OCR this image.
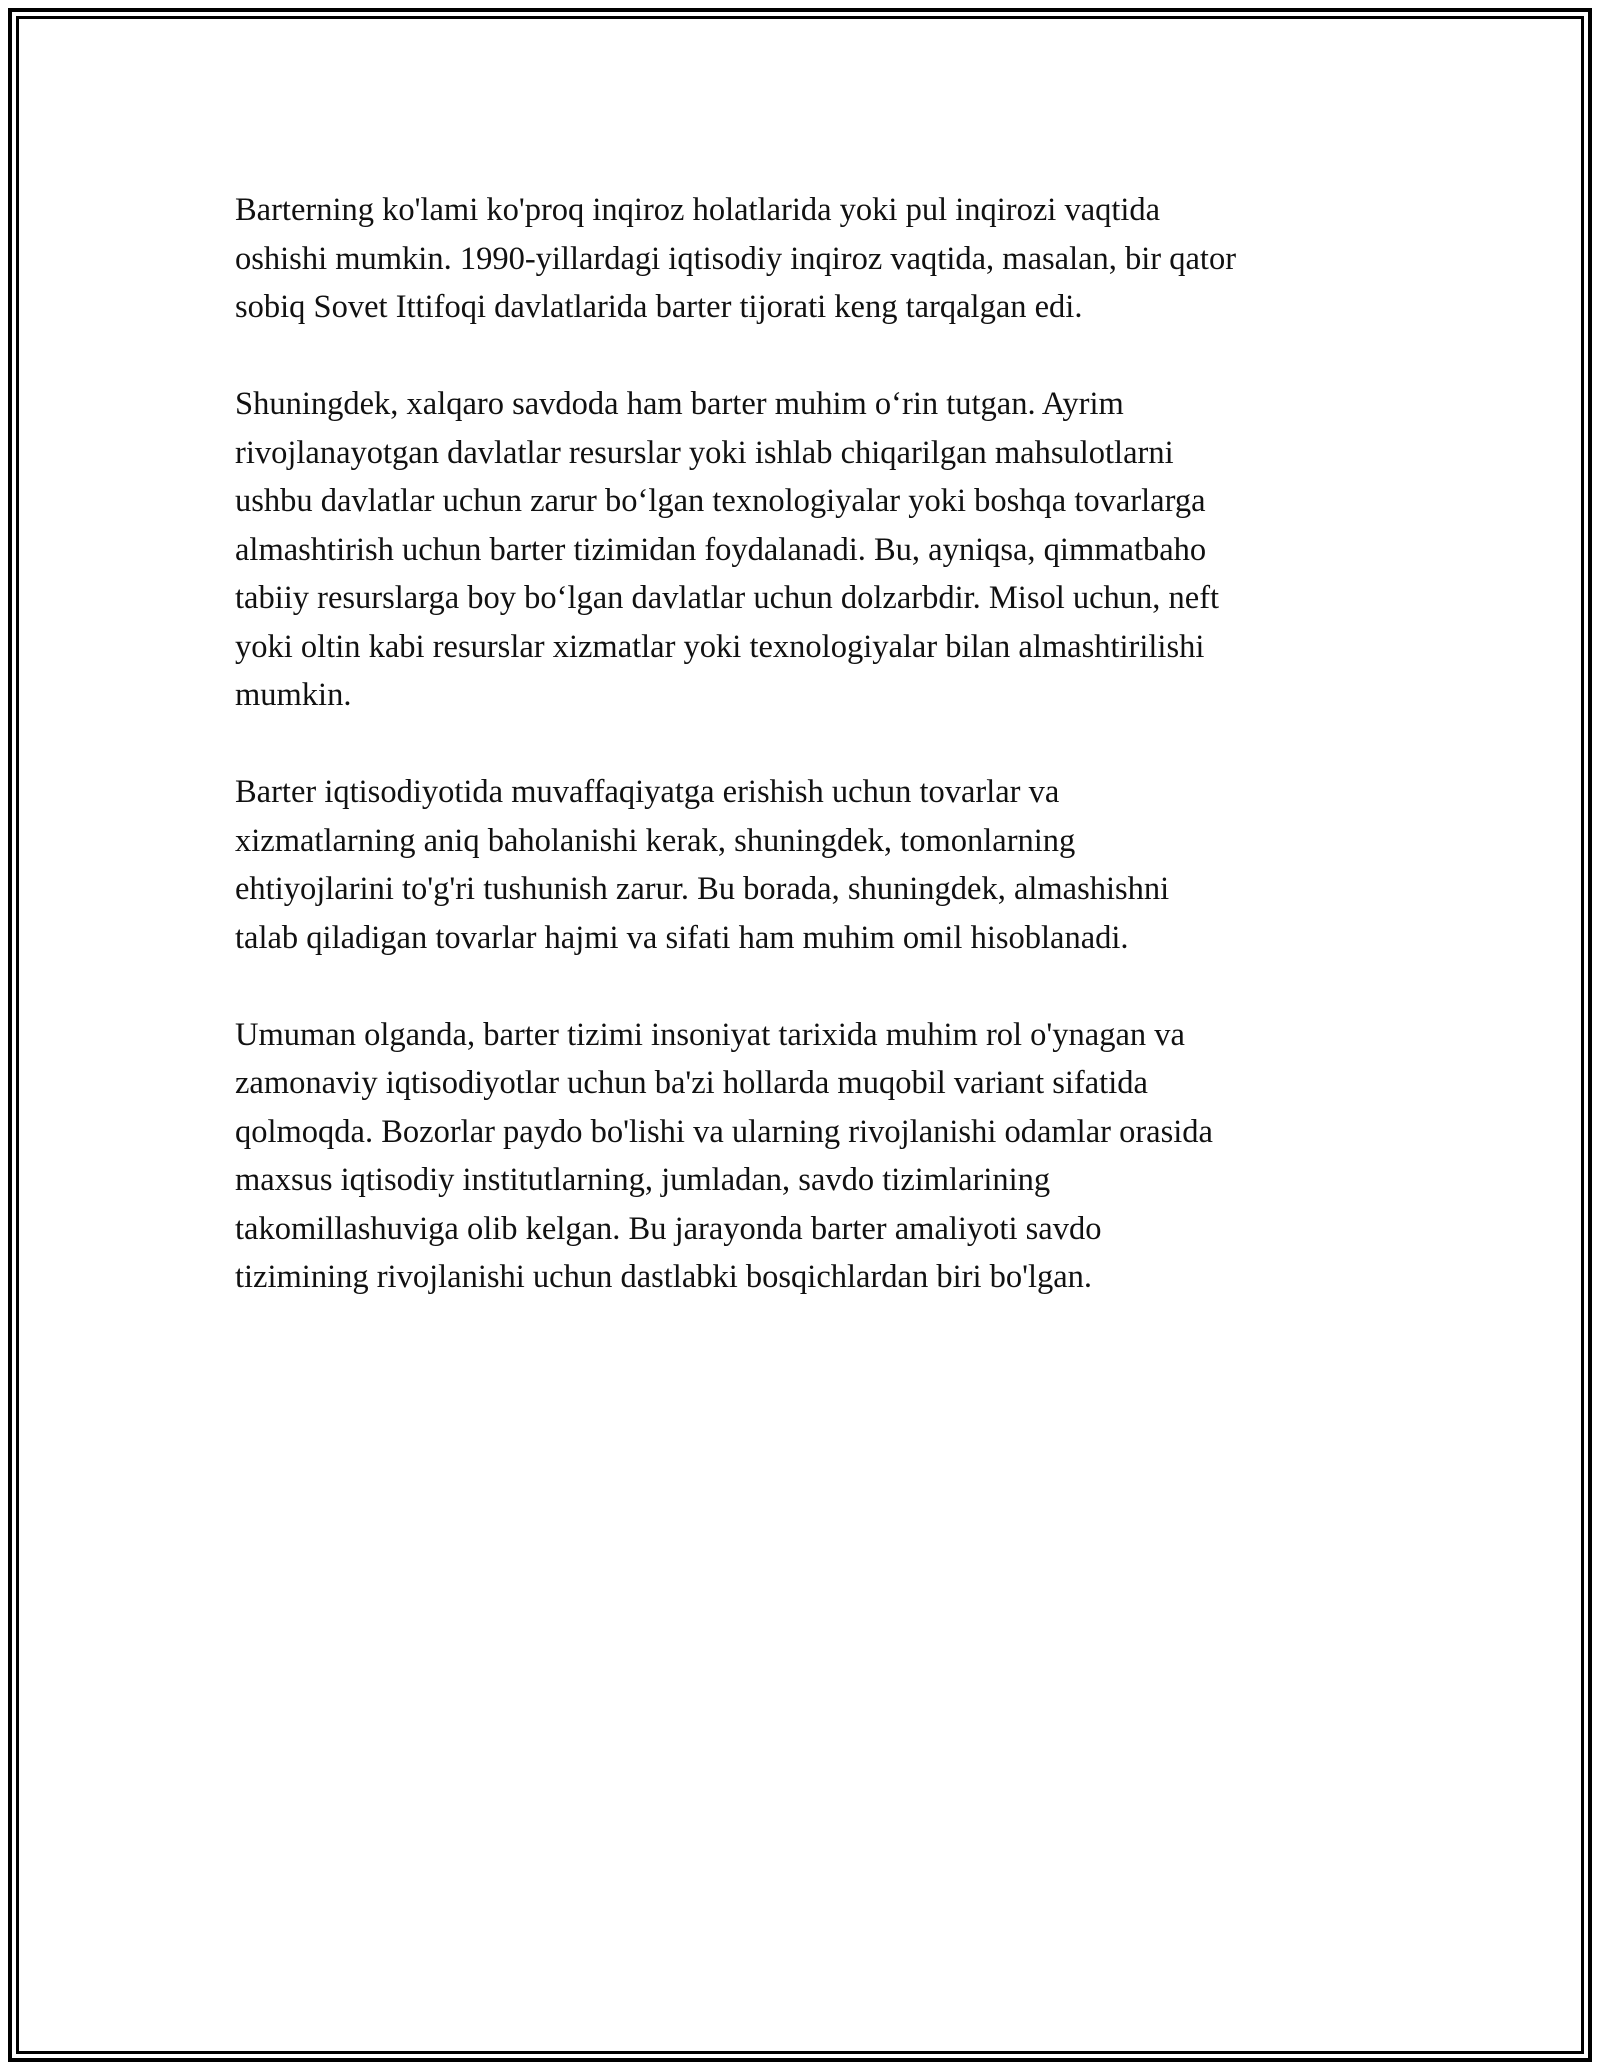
Barterning ko'lami ko'proq inqiroz holatlarida yoki pul inqirozi vaqtida
oshishi mumkin. 1990-yillardagi iqtisodiy inqiroz vaqtida, masalan, bir qator
sobiq Sovet Ittifoqi davlatlarida barter tijorati keng tarqalgan edi.

Shuningdek, xalqaro savdoda ham barter muhim oʻrin tutgan. Ayrim
rivojlanayotgan davlatlar resurslar yoki ishlab chiqarilgan mahsulotlarni
ushbu davlatlar uchun zarur boʻlgan texnologiyalar yoki boshqa tovarlarga
almashtirish uchun barter tizimidan foydalanadi. Bu, ayniqsa, qimmatbaho
tabiiy resurslarga boy boʻlgan davlatlar uchun dolzarbdir. Misol uchun, neft
yoki oltin kabi resurslar xizmatlar yoki texnologiyalar bilan almashtirilishi
mumkin.

Barter iqtisodiyotida muvaffaqiyatga erishish uchun tovarlar va
xizmatlarning aniq baholanishi kerak, shuningdek, tomonlarning
ehtiyojlarini to'g'ri tushunish zarur. Bu borada, shuningdek, almashishni
talab qiladigan tovarlar hajmi va sifati ham muhim omil hisoblanadi.

Umuman olganda, barter tizimi insoniyat tarixida muhim rol o'ynagan va
zamonaviy iqtisodiyotlar uchun ba'zi hollarda muqobil variant sifatida
qolmoqda. Bozorlar paydo bo'lishi va ularning rivojlanishi odamlar orasida
maxsus iqtisodiy institutlarning, jumladan, savdo tizimlarining
takomillashuviga olib kelgan. Bu jarayonda barter amaliyoti savdo
tizimining rivojlanishi uchun dastlabki bosqichlardan biri bo'lgan.
